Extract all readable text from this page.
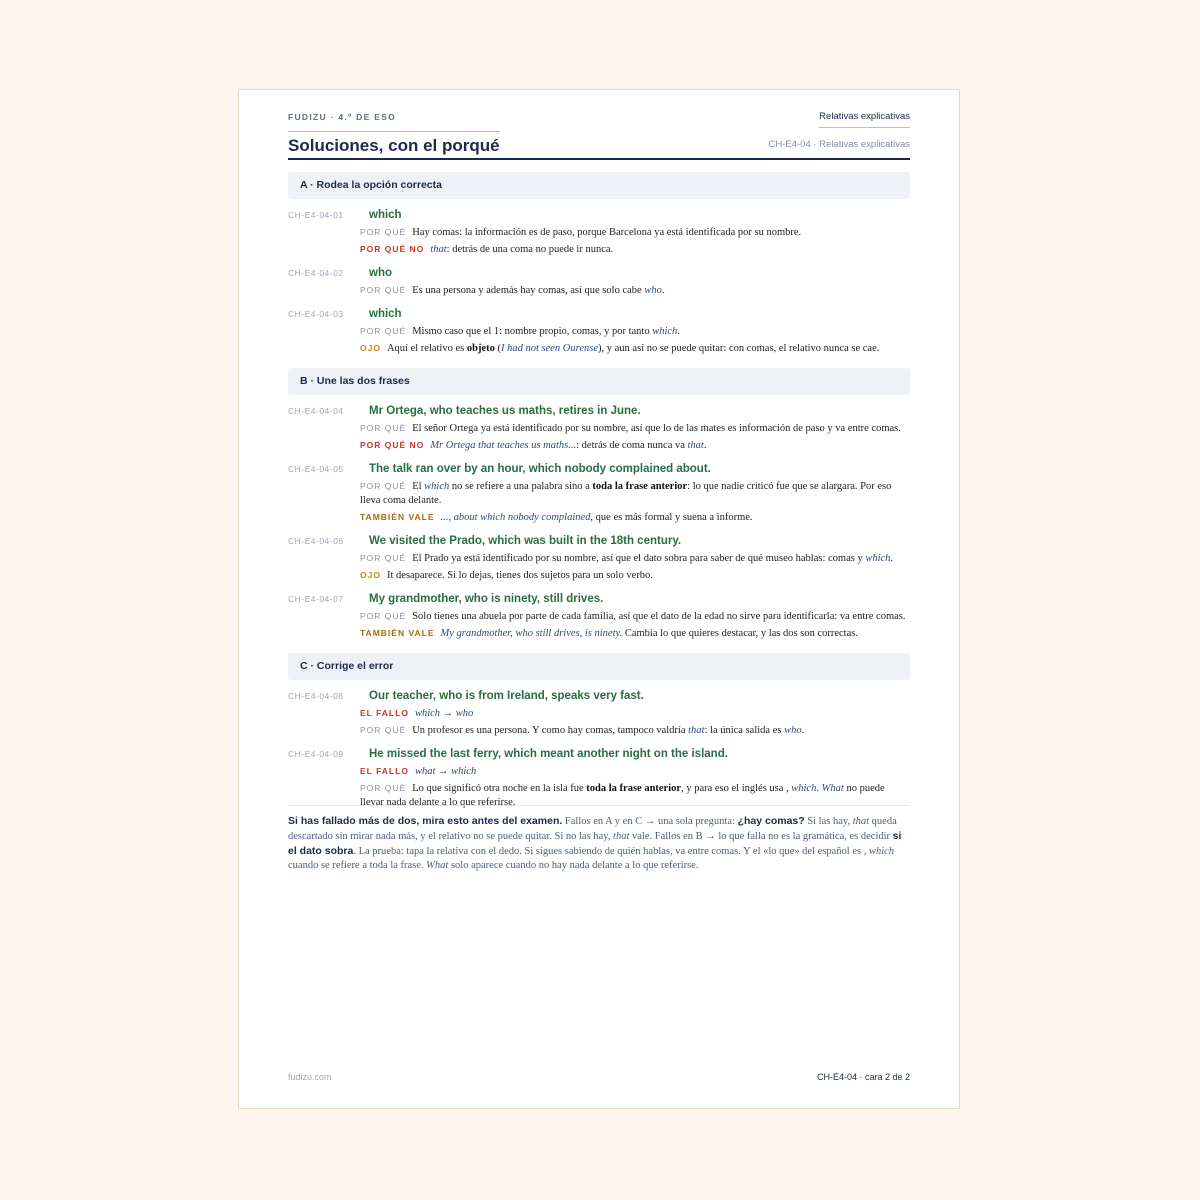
FUDIZU · 4.º DE ESO
Soluciones, con el porqué
Relativas explicativas
CH-E4-04 · Relativas explicativas
A · Rodea la opción correcta
CH-E4-04-01	which
POR QUÉ Hay comas: la información es de paso, porque Barcelona ya está identificada por su nombre.
POR QUÉ NO that: detrás de una coma no puede ir nunca.
CH-E4-04-02	who
POR QUÉ Es una persona y además hay comas, así que solo cabe who.
CH-E4-04-03	which
POR QUÉ Mismo caso que el 1: nombre propio, comas, y por tanto which.
OJO Aquí el relativo es objeto (I had not seen Ourense), y aun así no se puede quitar: con comas, el relativo nunca se cae.
B · Une las dos frases
CH-E4-04-04	Mr Ortega, who teaches us maths, retires in June.
POR QUÉ El señor Ortega ya está identificado por su nombre, así que lo de las mates es información de paso y va entre comas.
POR QUÉ NO Mr Ortega that teaches us maths...: detrás de coma nunca va that.
CH-E4-04-05	The talk ran over by an hour, which nobody complained about.
POR QUÉ El which no se refiere a una palabra sino a toda la frase anterior: lo que nadie criticó fue que se alargara. Por eso lleva coma delante.
TAMBIÉN VALE ..., about which nobody complained, que es más formal y suena a informe.
CH-E4-04-06	We visited the Prado, which was built in the 18th century.
POR QUÉ El Prado ya está identificado por su nombre, así que el dato sobra para saber de qué museo hablas: comas y which.
OJO It desaparece. Si lo dejas, tienes dos sujetos para un solo verbo.
CH-E4-04-07	My grandmother, who is ninety, still drives.
POR QUÉ Solo tienes una abuela por parte de cada familia, así que el dato de la edad no sirve para identificarla: va entre comas.
TAMBIÉN VALE My grandmother, who still drives, is ninety. Cambia lo que quieres destacar, y las dos son correctas.
C · Corrige el error
CH-E4-04-08	Our teacher, who is from Ireland, speaks very fast.
EL FALLO which → who
POR QUÉ Un profesor es una persona. Y como hay comas, tampoco valdría that: la única salida es who.
CH-E4-04-09	He missed the last ferry, which meant another night on the island.
EL FALLO what → which
POR QUÉ Lo que significó otra noche en la isla fue toda la frase anterior, y para eso el inglés usa , which. What no puede llevar nada delante a lo que referirse.
Si has fallado más de dos, mira esto antes del examen. Fallos en A y en C → una sola pregunta: ¿hay comas? Si las hay, that queda descartado sin mirar nada más, y el relativo no se puede quitar. Si no las hay, that vale. Fallos en B → lo que falla no es la gramática, es decidir si el dato sobra. La prueba: tapa la relativa con el dedo. Si sigues sabiendo de quién hablas, va entre comas. Y el «lo que» del español es , which cuando se refiere a toda la frase. What solo aparece cuando no hay nada delante a lo que referirse.
fudizu.com	CH-E4-04 · cara 2 de 2
